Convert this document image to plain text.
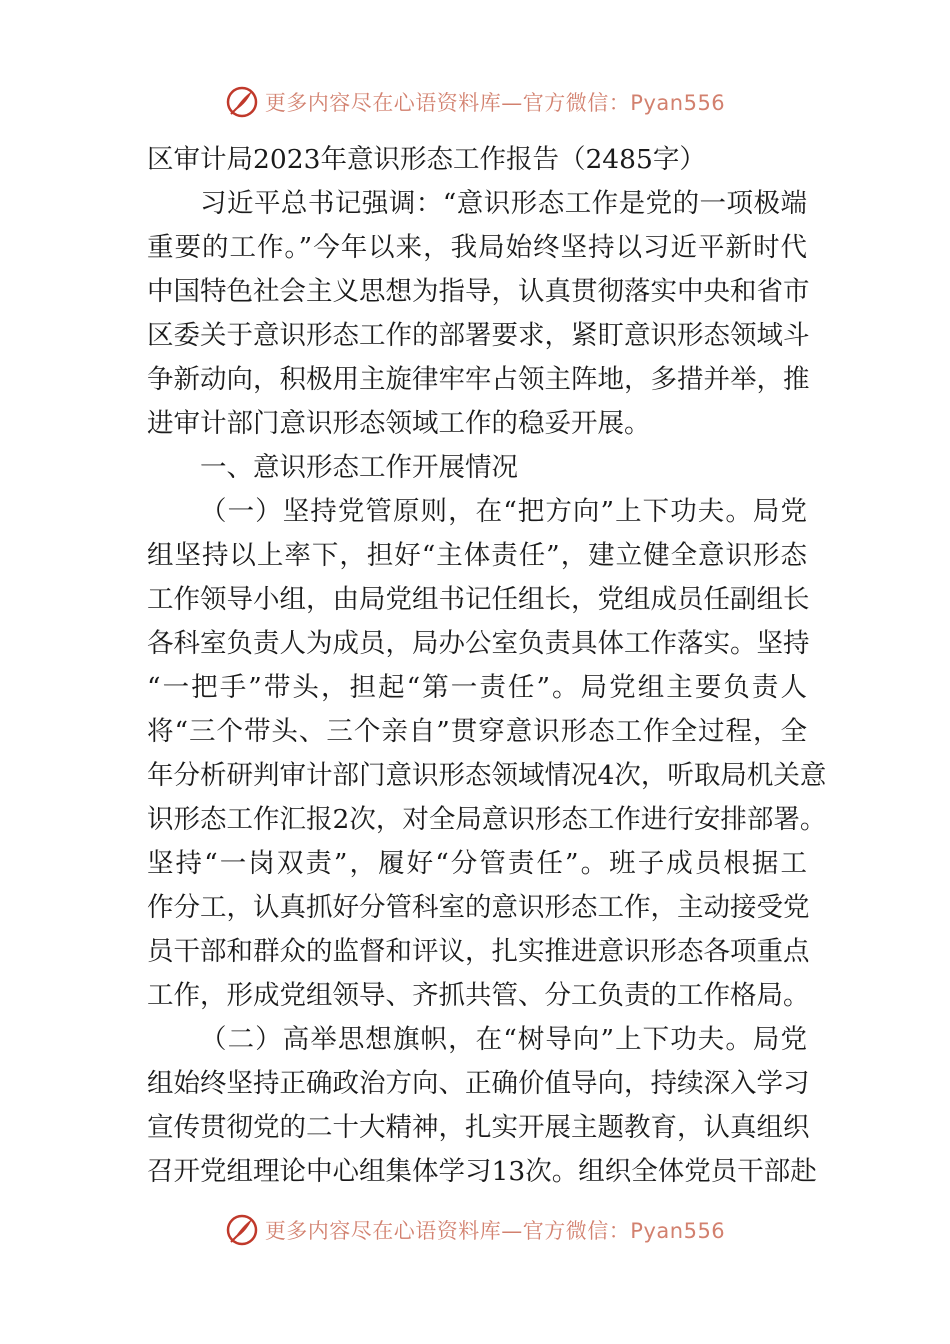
更多内容尽在心语资料库—官方微信：Pyan556
区审计局2023年意识形态工作报告（2485字）
习近平总书记强调：“意识形态工作是党的一项极端
重要的工作。”今年以来，我局始终坚持以习近平新时代
中国特色社会主义思想为指导，认真贯彻落实中央和省市
区委关于意识形态工作的部署要求，紧盯意识形态领域斗
争新动向，积极用主旋律牢牢占领主阵地，多措并举，推
进审计部门意识形态领域工作的稳妥开展。
一、意识形态工作开展情况
（一）坚持党管原则，在“把方向”上下功夫。局党
组坚持以上率下，担好“主体责任”，建立健全意识形态
工作领导小组，由局党组书记任组长，党组成员任副组长
各科室负责人为成员，局办公室负责具体工作落实。坚持
“一把手”带头，担起“第一责任”。局党组主要负责人
将“三个带头、三个亲自”贯穿意识形态工作全过程，全
年分析研判审计部门意识形态领域情况4次，听取局机关意
识形态工作汇报2次，对全局意识形态工作进行安排部署。
坚持“一岗双责”，履好“分管责任”。班子成员根据工
作分工，认真抓好分管科室的意识形态工作，主动接受党
员干部和群众的监督和评议，扎实推进意识形态各项重点
工作，形成党组领导、齐抓共管、分工负责的工作格局。
（二）高举思想旗帜，在“树导向”上下功夫。局党
组始终坚持正确政治方向、正确价值导向，持续深入学习
宣传贯彻党的二十大精神，扎实开展主题教育，认真组织
召开党组理论中心组集体学习13次。组织全体党员干部赴
更多内容尽在心语资料库—官方微信：Pyan556
